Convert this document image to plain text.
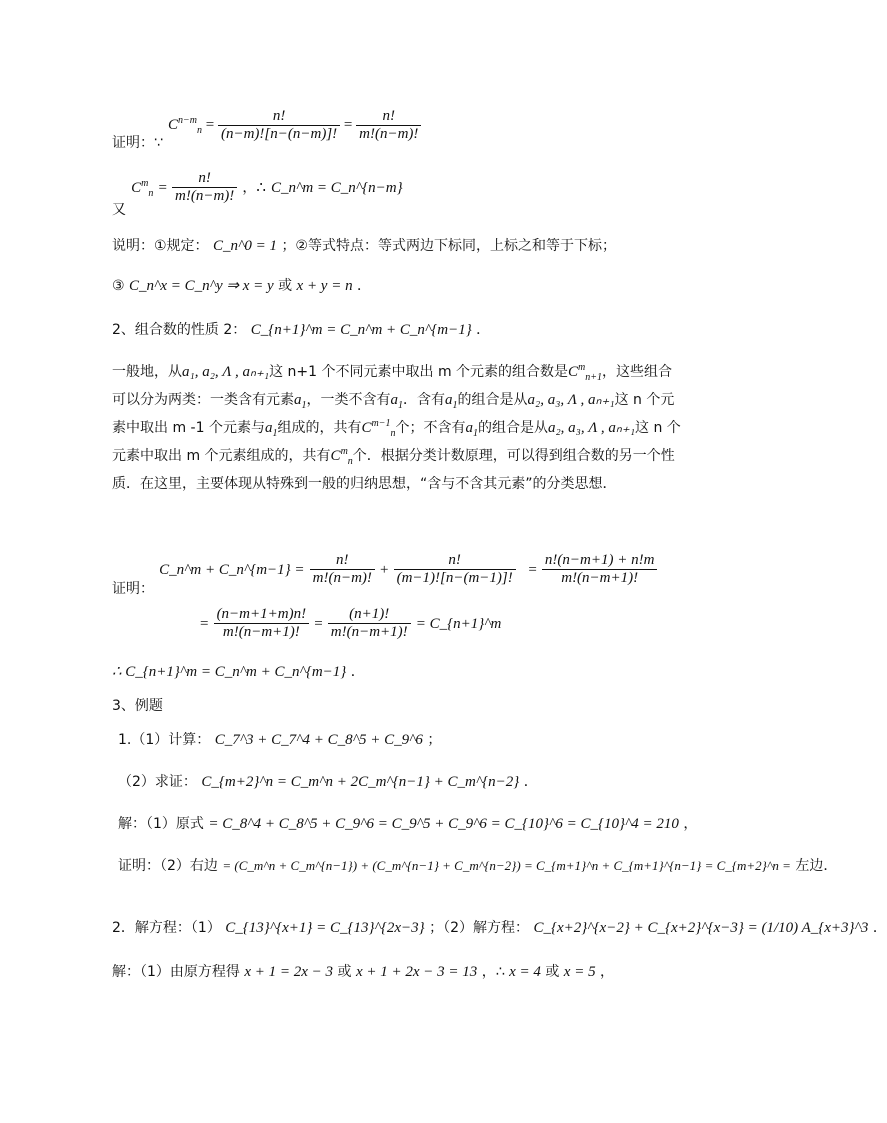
证明：∵ $C^{n-m}_n = \frac{n!}{(n-m)![n-(n-m)]!} = \frac{n!}{m!(n-m)!}$
又 $C^m_n = \frac{n!}{m!(n-m)!}$ ，∴ C_n^m = C_n^{n−m}
说明：①规定： C_n^0 = 1 ；②等式特点：等式两边下标同，上标之和等于下标；
③ C_n^x = C_n^y ⇒ x = y 或 x + y = n ．
2、组合数的性质 2： C_{n+1}^m = C_n^m + C_n^{m−1} ．
一般地，从a₁, a₂, Λ , aₙ₊₁这 n+1 个不同元素中取出 m 个元素的组合数是$C^m_{n+1}$，这些组合可以分为两类：一类含有元素$a_1$，一类不含有$a_1$．含有$a_1$的组合是从a₂, a₃, Λ , aₙ₊₁这 n 个元素中取出 m -1 个元素与$a_1$组成的，共有$C^{m-1}_n$个；不含有$a_1$的组合是从a₂, a₃, Λ , aₙ₊₁这 n 个元素中取出 m 个元素组成的，共有$C^m_n$个．根据分类计数原理，可以得到组合数的另一个性质．在这里，主要体现从特殊到一般的归纳思想，“含与不含其元素”的分类思想．
证明： C_n^m + C_n^{m−1} = $\frac{n!}{m!(n-m)!} + \frac{n!}{(m-1)![n-(m-1)]!} = \frac{n!(n-m+1) + n!m}{m!(n-m+1)!}$
= $\frac{(n-m+1+m)n!}{m!(n-m+1)!} = \frac{(n+1)!}{m!(n-m+1)!}$ = C_{n+1}^m
∴ C_{n+1}^m = C_n^m + C_n^{m−1} ．
3、例题
1.（1）计算： C_7^3 + C_7^4 + C_8^5 + C_9^6 ；
（2）求证： C_{m+2}^n = C_m^n + 2C_m^{n−1} + C_m^{n−2} ．
解：（1）原式 = C_8^4 + C_8^5 + C_9^6 = C_9^5 + C_9^6 = C_{10}^6 = C_{10}^4 = 210 ，
证明：（2）右边 = (C_m^n + C_m^{n−1}) + (C_m^{n−1} + C_m^{n−2}) = C_{m+1}^n + C_{m+1}^{n−1} = C_{m+2}^n = 左边．
2．解方程：（1） C_{13}^{x+1} = C_{13}^{2x−3} ；（2）解方程： C_{x+2}^{x−2} + C_{x+2}^{x−3} = (1/10) A_{x+3}^3 ．
解：（1）由原方程得 x + 1 = 2x − 3 或 x + 1 + 2x − 3 = 13 ，∴ x = 4 或 x = 5 ，
